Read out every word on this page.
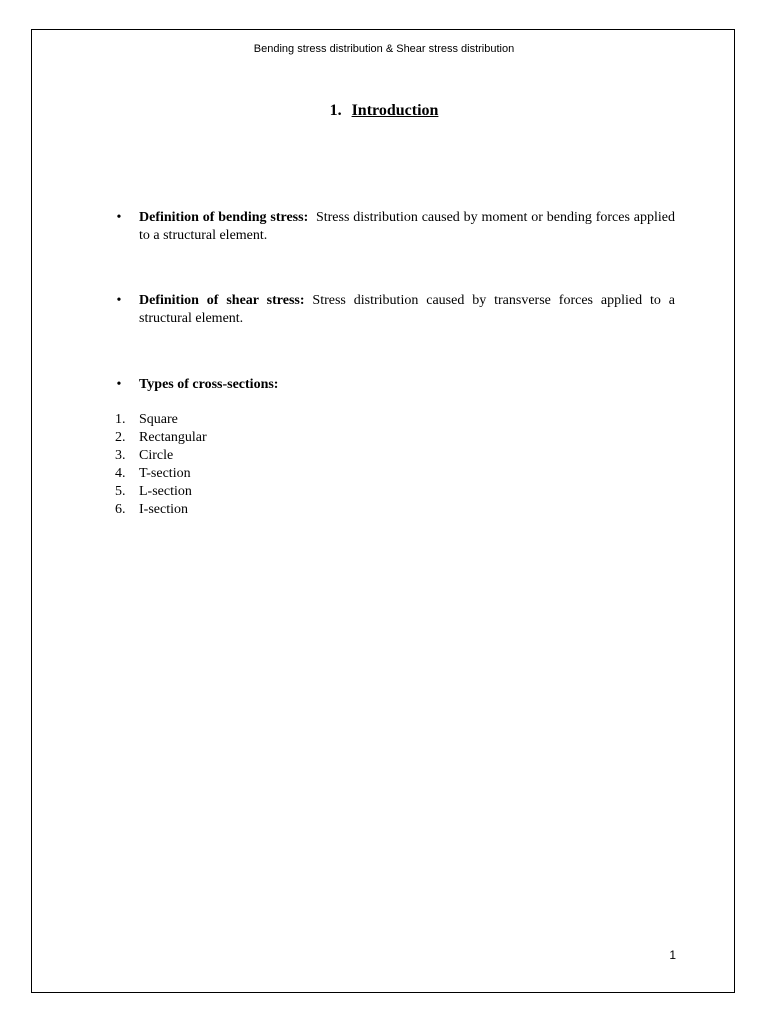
Bending stress distribution & Shear stress distribution
1. Introduction
• Definition of bending stress: Stress distribution caused by moment or bending forces applied to a structural element.
• Definition of shear stress: Stress distribution caused by transverse forces applied to a structural element.
• Types of cross-sections:
1. Square
2. Rectangular
3. Circle
4. T-section
5. L-section
6. I-section
1
